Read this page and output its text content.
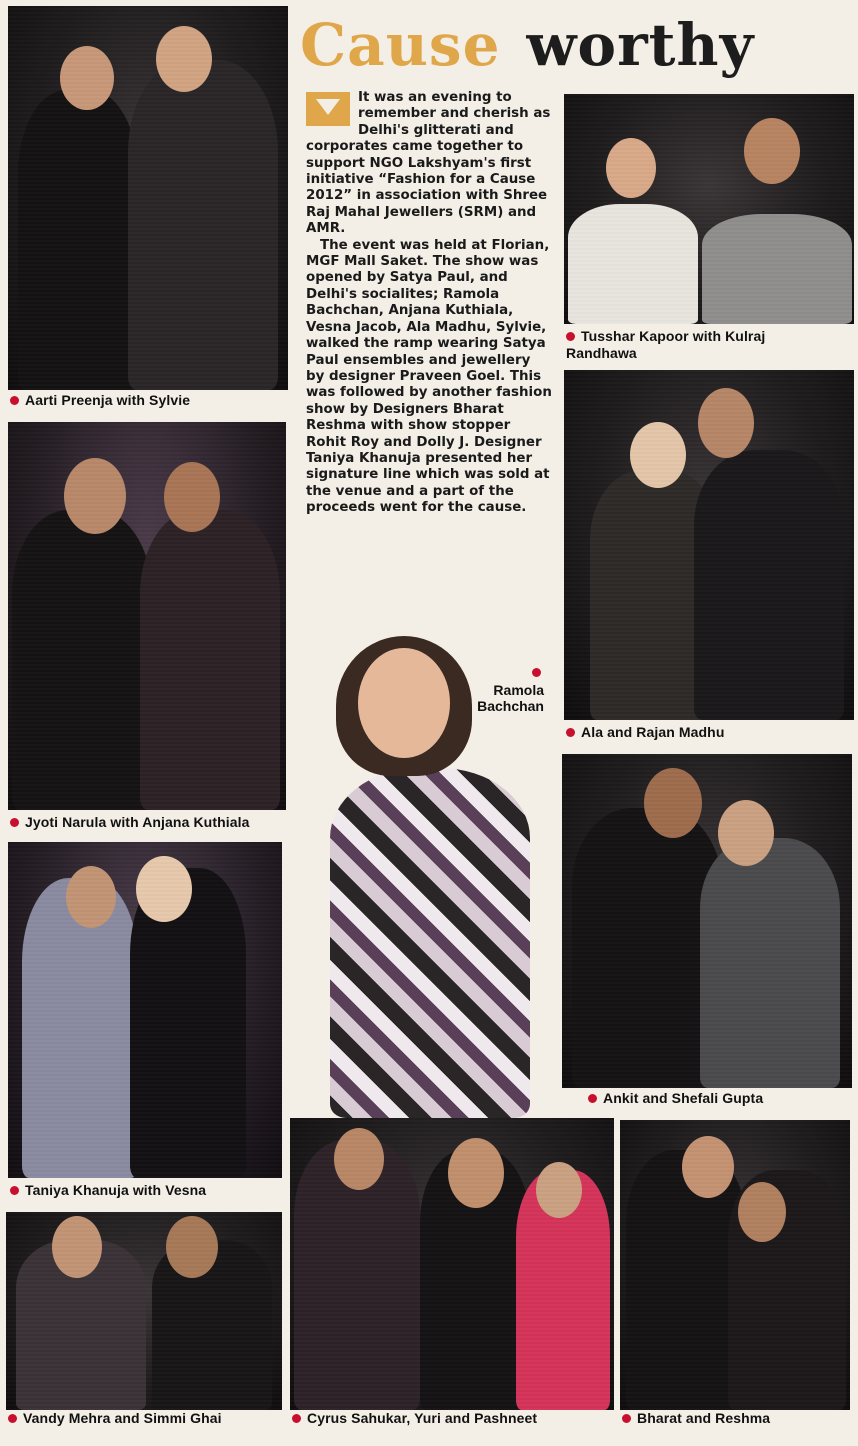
Cause worthy

It was an evening to remember and cherish as Delhi's glitterati and corporates came together to support NGO Lakshyam's first initiative “Fashion for a Cause 2012” in association with Shree Raj Mahal Jewellers (SRM) and AMR.

The event was held at Florian, MGF Mall Saket. The show was opened by Satya Paul, and Delhi's socialites; Ramola Bachchan, Anjana Kuthiala, Vesna Jacob, Ala Madhu, Sylvie, walked the ramp wearing Satya Paul ensembles and jewellery by designer Praveen Goel. This was followed by another fashion show by Designers Bharat Reshma with show stopper Rohit Roy and Dolly J. Designer Taniya Khanuja presented her signature line which was sold at the venue and a part of the proceeds went for the cause.

Aarti Preenja with Sylvie
Tusshar Kapoor with Kulraj
Randhawa
Jyoti Narula with Anjana Kuthiala
Ala and Rajan Madhu
Ramola
Bachchan
Ankit and Shefali Gupta
Taniya Khanuja with Vesna
Vandy Mehra and Simmi Ghai	Cyrus Sahukar, Yuri and Pashneet	Bharat and Reshma
